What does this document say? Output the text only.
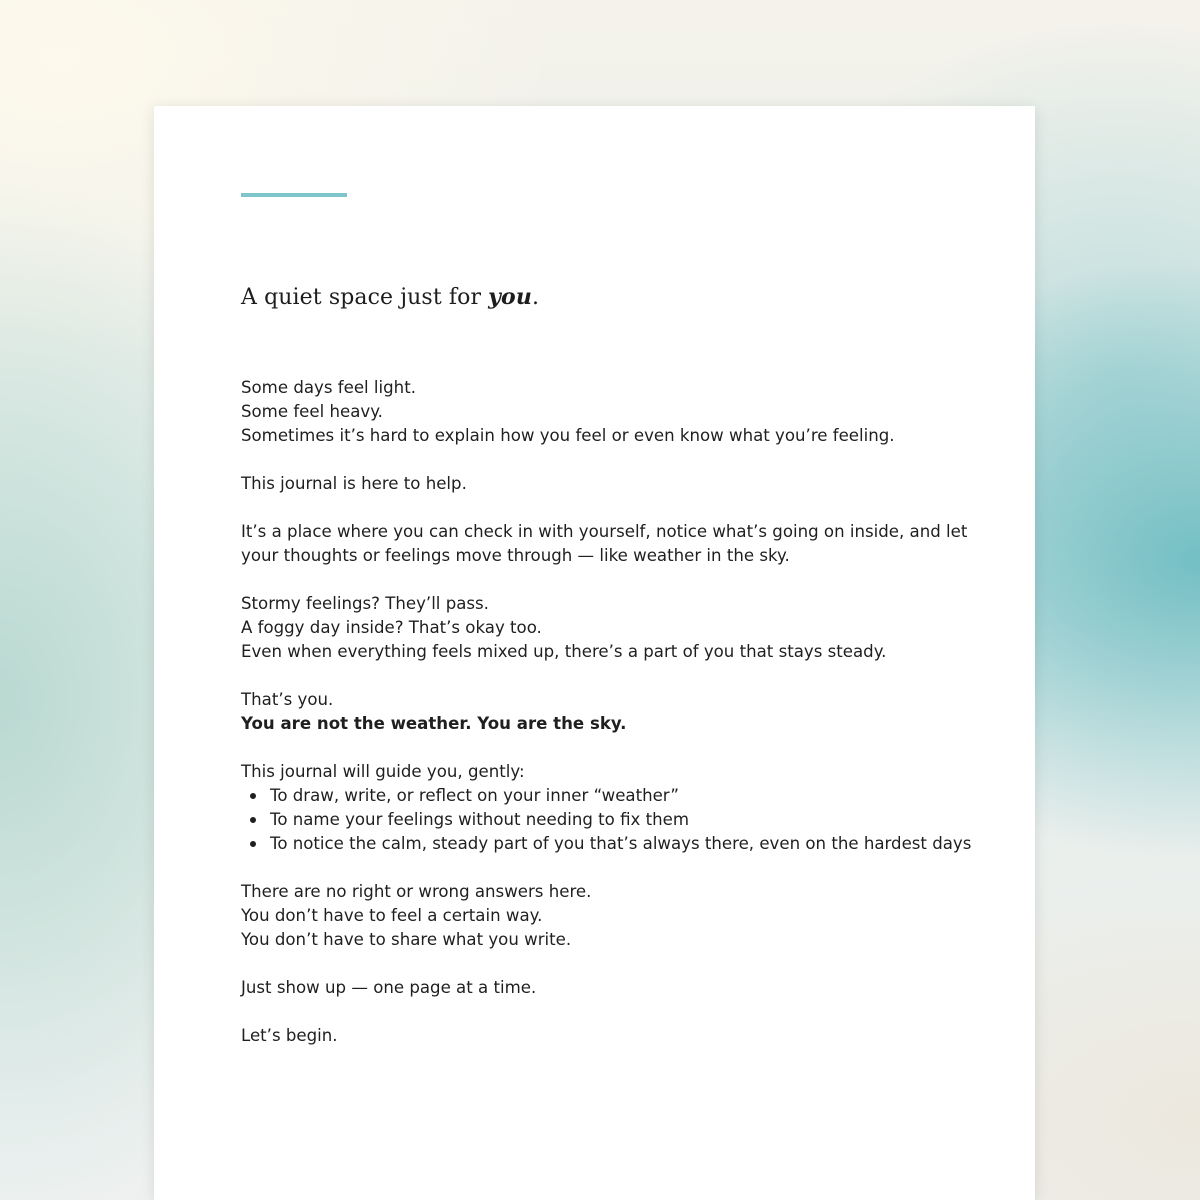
A quiet space just for you.

Some days feel light.
Some feel heavy.
Sometimes it’s hard to explain how you feel or even know what you’re feeling.

This journal is here to help.

It’s a place where you can check in with yourself, notice what’s going on inside, and let
your thoughts or feelings move through — like weather in the sky.

Stormy feelings? They’ll pass.
A foggy day inside? That’s okay too.
Even when everything feels mixed up, there’s a part of you that stays steady.

That’s you.
You are not the weather. You are the sky.

This journal will guide you, gently:
To draw, write, or reflect on your inner “weather”
To name your feelings without needing to fix them
To notice the calm, steady part of you that’s always there, even on the hardest days

There are no right or wrong answers here.
You don’t have to feel a certain way.
You don’t have to share what you write.

Just show up — one page at a time.

Let’s begin.
